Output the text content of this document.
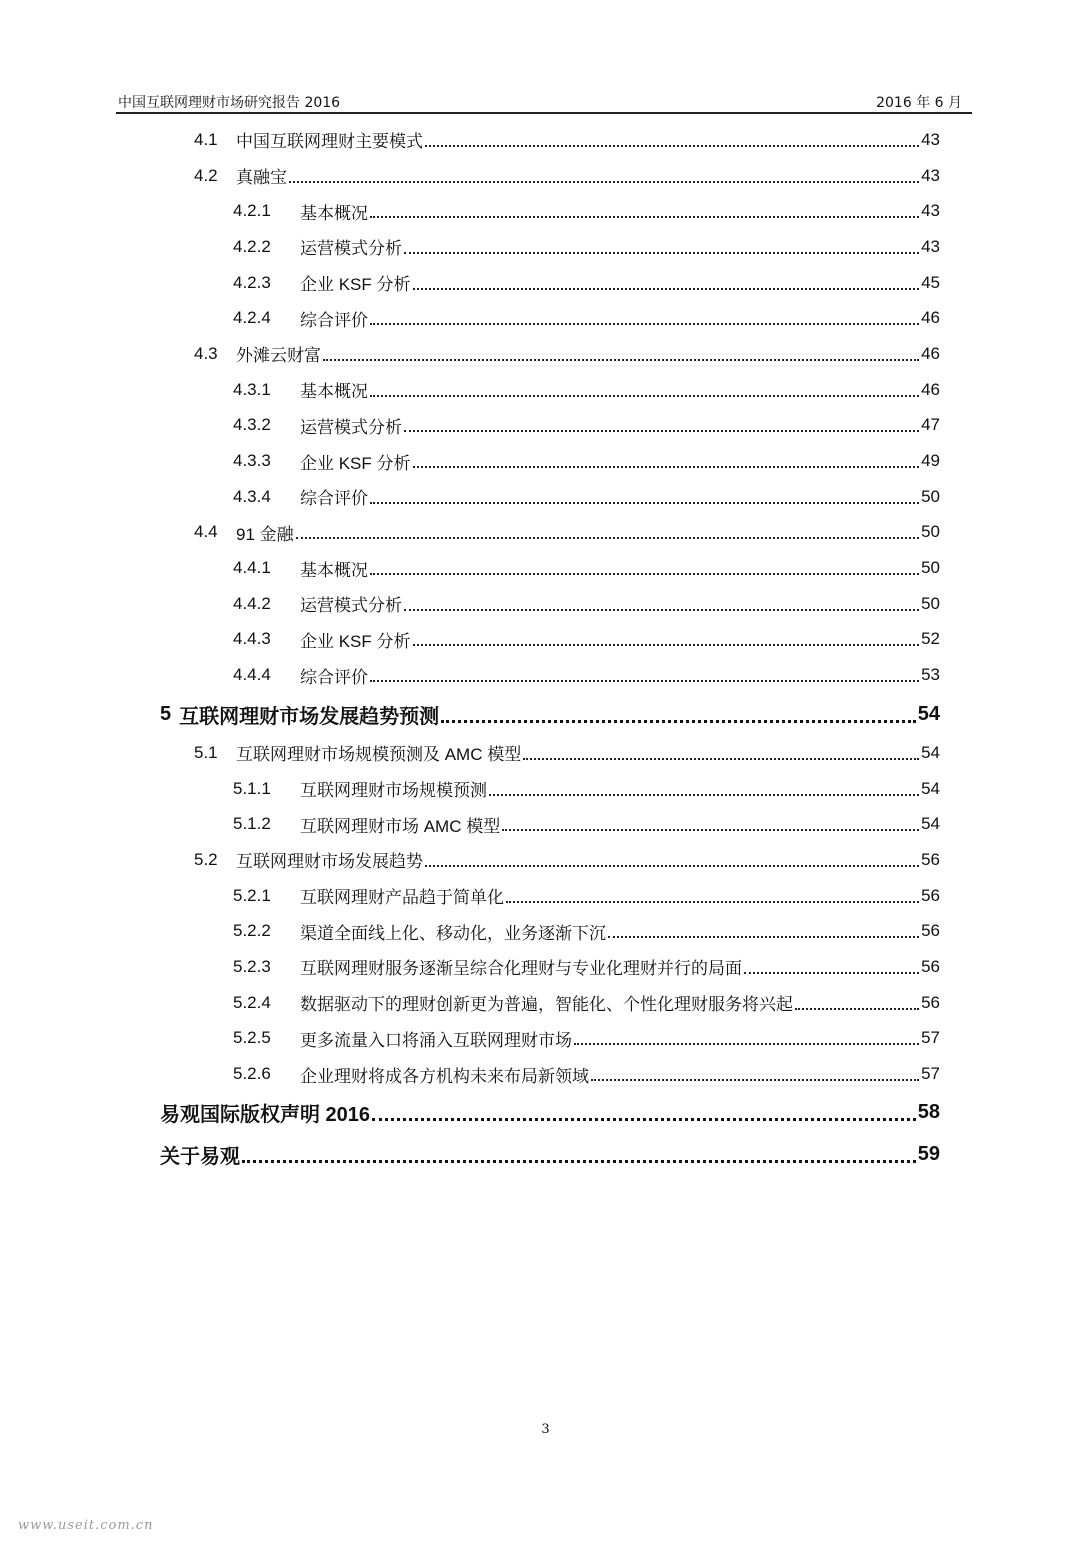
中国互联网理财市场研究报告 2016	2016 年 6 月
4.1	中国互联网理财主要模式	43
4.2	真融宝	43
4.2.1	基本概况	43
4.2.2	运营模式分析	43
4.2.3	企业 KSF 分析	45
4.2.4	综合评价	46
4.3	外滩云财富	46
4.3.1	基本概况	46
4.3.2	运营模式分析	47
4.3.3	企业 KSF 分析	49
4.3.4	综合评价	50
4.4	91 金融	50
4.4.1	基本概况	50
4.4.2	运营模式分析	50
4.4.3	企业 KSF 分析	52
4.4.4	综合评价	53
5 互联网理财市场发展趋势预测	54
5.1	互联网理财市场规模预测及 AMC 模型	54
5.1.1	互联网理财市场规模预测	54
5.1.2	互联网理财市场 AMC 模型	54
5.2	互联网理财市场发展趋势	56
5.2.1	互联网理财产品趋于简单化	56
5.2.2	渠道全面线上化、移动化，业务逐渐下沉	56
5.2.3	互联网理财服务逐渐呈综合化理财与专业化理财并行的局面	56
5.2.4	数据驱动下的理财创新更为普遍，智能化、个性化理财服务将兴起	56
5.2.5	更多流量入口将涌入互联网理财市场	57
5.2.6	企业理财将成各方机构未来布局新领域	57
易观国际版权声明 2016	58
关于易观	59
3
www.useit.com.cn
